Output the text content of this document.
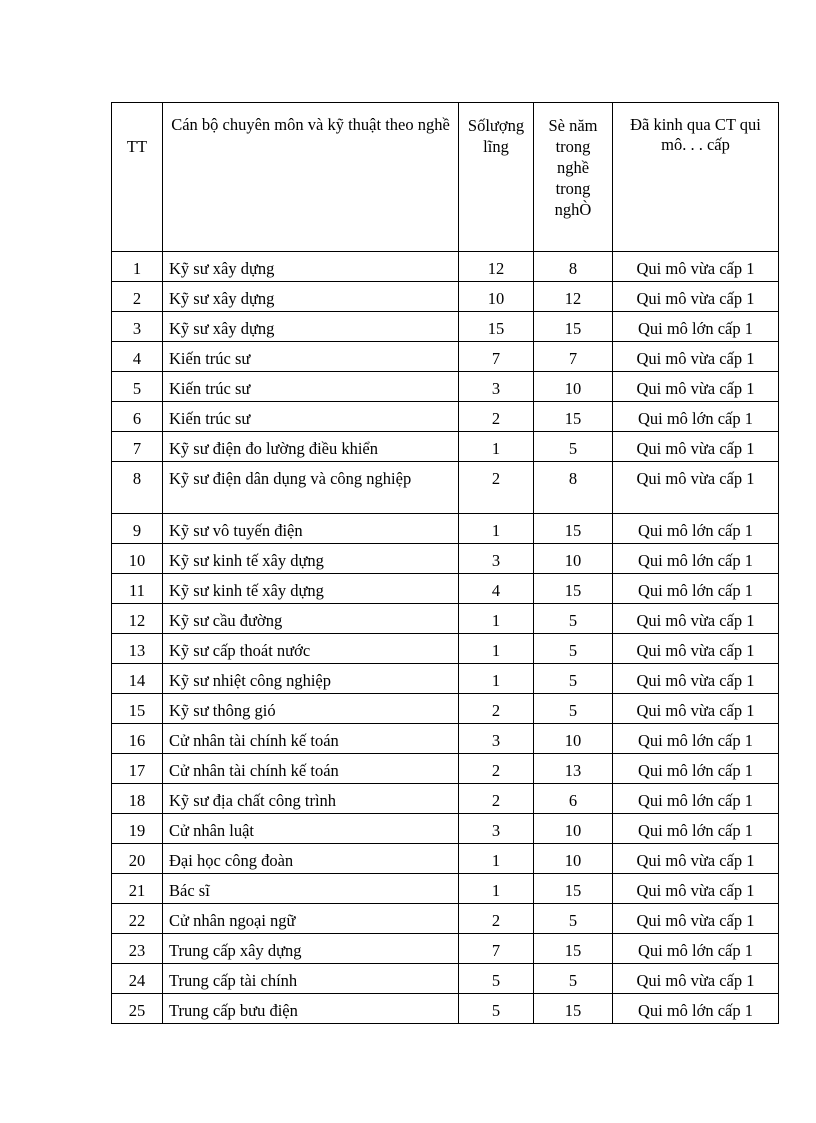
TT	Cán bộ chuyên môn và kỹ thuật theo nghề	Sốlượng lĩng	Sè năm trong nghề trong nghÒ	Đã kinh qua CT qui mô. . . cấp
1	Kỹ sư xây dựng	12	8	Qui mô vừa cấp 1
2	Kỹ sư xây dựng	10	12	Qui mô vừa cấp 1
3	Kỹ sư xây dựng	15	15	Qui mô lớn cấp 1
4	Kiến trúc sư	7	7	Qui mô vừa cấp 1
5	Kiến trúc sư	3	10	Qui mô vừa cấp 1
6	Kiến trúc sư	2	15	Qui mô lớn cấp 1
7	Kỹ sư điện đo lường điều khiển	1	5	Qui mô vừa cấp 1
8	Kỹ sư điện dân dụng và công nghiệp	2	8	Qui mô vừa cấp 1
9	Kỹ sư vô tuyến điện	1	15	Qui mô lớn cấp 1
10	Kỹ sư kinh tế xây dựng	3	10	Qui mô lớn cấp 1
11	Kỹ sư kinh tế xây dựng	4	15	Qui mô lớn cấp 1
12	Kỹ sư cầu đường	1	5	Qui mô vừa cấp 1
13	Kỹ sư cấp thoát nước	1	5	Qui mô vừa cấp 1
14	Kỹ sư nhiệt công nghiệp	1	5	Qui mô vừa cấp 1
15	Kỹ sư thông gió	2	5	Qui mô vừa cấp 1
16	Cử nhân tài chính kế toán	3	10	Qui mô lớn cấp 1
17	Cử nhân tài chính kế toán	2	13	Qui mô lớn cấp 1
18	Kỹ sư địa chất công trình	2	6	Qui mô lớn cấp 1
19	Cử nhân luật	3	10	Qui mô lớn cấp 1
20	Đại học công đoàn	1	10	Qui mô vừa cấp 1
21	Bác sĩ	1	15	Qui mô vừa cấp 1
22	Cử nhân ngoại ngữ	2	5	Qui mô vừa cấp 1
23	Trung cấp xây dựng	7	15	Qui mô lớn cấp 1
24	Trung cấp tài chính	5	5	Qui mô vừa cấp 1
25	Trung cấp bưu điện	5	15	Qui mô lớn cấp 1
